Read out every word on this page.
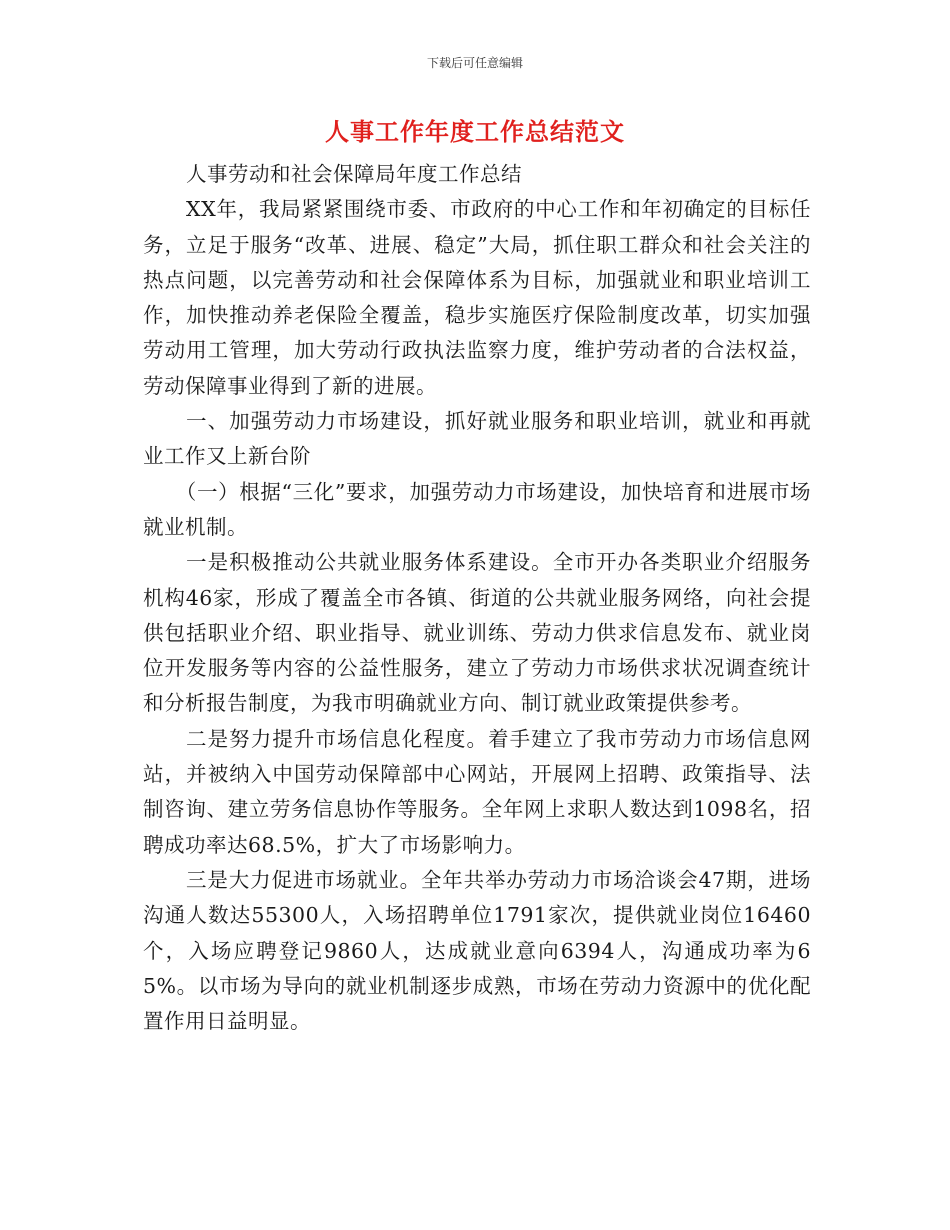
下载后可任意编辑
人事工作年度工作总结范文

人事劳动和社会保障局年度工作总结

XX年，我局紧紧围绕市委、市政府的中心工作和年初确定的目标任务，立足于服务“改革、进展、稳定”大局，抓住职工群众和社会关注的热点问题，以完善劳动和社会保障体系为目标，加强就业和职业培训工作，加快推动养老保险全覆盖，稳步实施医疗保险制度改革，切实加强劳动用工管理，加大劳动行政执法监察力度，维护劳动者的合法权益，劳动保障事业得到了新的进展。

一、加强劳动力市场建设，抓好就业服务和职业培训，就业和再就业工作又上新台阶

（一）根据“三化”要求，加强劳动力市场建设，加快培育和进展市场就业机制。

一是积极推动公共就业服务体系建设。全市开办各类职业介绍服务机构46家，形成了覆盖全市各镇、街道的公共就业服务网络，向社会提供包括职业介绍、职业指导、就业训练、劳动力供求信息发布、就业岗位开发服务等内容的公益性服务，建立了劳动力市场供求状况调查统计和分析报告制度，为我市明确就业方向、制订就业政策提供参考。

二是努力提升市场信息化程度。着手建立了我市劳动力市场信息网站，并被纳入中国劳动保障部中心网站，开展网上招聘、政策指导、法制咨询、建立劳务信息协作等服务。全年网上求职人数达到1098名，招聘成功率达68.5%，扩大了市场影响力。

三是大力促进市场就业。全年共举办劳动力市场洽谈会47期，进场沟通人数达55300人，入场招聘单位1791家次，提供就业岗位16460个，入场应聘登记9860人，达成就业意向6394人，沟通成功率为65%。以市场为导向的就业机制逐步成熟，市场在劳动力资源中的优化配置作用日益明显。
